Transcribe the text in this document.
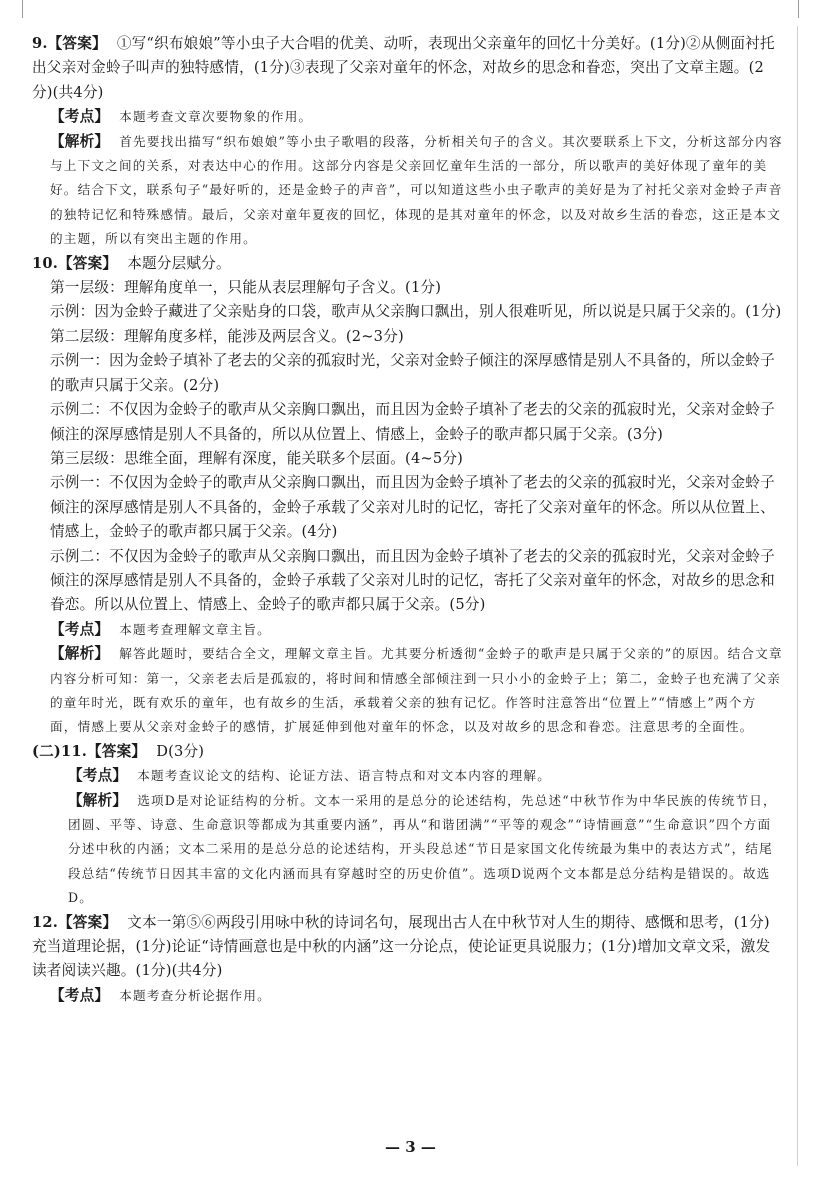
9.【答案】 ①写“织布娘娘”等小虫子大合唱的优美、动听，表现出父亲童年的回忆十分美好。(1分)②从侧面衬托出父亲对金蛉子叫声的独特感情，(1分)③表现了父亲对童年的怀念，对故乡的思念和眷恋，突出了文章主题。(2分)(共4分)
【考点】 本题考查文章次要物象的作用。
【解析】 首先要找出描写“织布娘娘”等小虫子歌唱的段落，分析相关句子的含义。其次要联系上下文，分析这部分内容与上下文之间的关系，对表达中心的作用。这部分内容是父亲回忆童年生活的一部分，所以歌声的美好体现了童年的美好。结合下文，联系句子“最好听的，还是金蛉子的声音”，可以知道这些小虫子歌声的美好是为了衬托父亲对金蛉子声音的独特记忆和特殊感情。最后，父亲对童年夏夜的回忆，体现的是其对童年的怀念，以及对故乡生活的眷恋，这正是本文的主题，所以有突出主题的作用。
10.【答案】 本题分层赋分。
第一层级：理解角度单一，只能从表层理解句子含义。(1分)
示例：因为金蛉子藏进了父亲贴身的口袋，歌声从父亲胸口飘出，别人很难听见，所以说是只属于父亲的。(1分)
第二层级：理解角度多样，能涉及两层含义。(2~3分)
示例一：因为金蛉子填补了老去的父亲的孤寂时光，父亲对金蛉子倾注的深厚感情是别人不具备的，所以金蛉子的歌声只属于父亲。(2分)
示例二：不仅因为金蛉子的歌声从父亲胸口飘出，而且因为金蛉子填补了老去的父亲的孤寂时光，父亲对金蛉子倾注的深厚感情是别人不具备的，所以从位置上、情感上，金蛉子的歌声都只属于父亲。(3分)
第三层级：思维全面，理解有深度，能关联多个层面。(4~5分)
示例一：不仅因为金蛉子的歌声从父亲胸口飘出，而且因为金蛉子填补了老去的父亲的孤寂时光，父亲对金蛉子倾注的深厚感情是别人不具备的，金蛉子承载了父亲对儿时的记忆，寄托了父亲对童年的怀念。所以从位置上、情感上，金蛉子的歌声都只属于父亲。(4分)
示例二：不仅因为金蛉子的歌声从父亲胸口飘出，而且因为金蛉子填补了老去的父亲的孤寂时光，父亲对金蛉子倾注的深厚感情是别人不具备的，金蛉子承载了父亲对儿时的记忆，寄托了父亲对童年的怀念，对故乡的思念和眷恋。所以从位置上、情感上、金蛉子的歌声都只属于父亲。(5分)
【考点】 本题考查理解文章主旨。
【解析】 解答此题时，要结合全文，理解文章主旨。尤其要分析透彻“金蛉子的歌声是只属于父亲的”的原因。结合文章内容分析可知：第一，父亲老去后是孤寂的，将时间和情感全部倾注到一只小小的金蛉子上；第二，金蛉子也充满了父亲的童年时光，既有欢乐的童年，也有故乡的生活，承载着父亲的独有记忆。作答时注意答出“位置上”“情感上”两个方面，情感上要从父亲对金蛉子的感情，扩展延伸到他对童年的怀念，以及对故乡的思念和眷恋。注意思考的全面性。
(二)11.【答案】 D(3分)
【考点】 本题考查议论文的结构、论证方法、语言特点和对文本内容的理解。
【解析】 选项D是对论证结构的分析。文本一采用的是总分的论述结构，先总述“中秋节作为中华民族的传统节日，团圆、平等、诗意、生命意识等都成为其重要内涵”，再从“和谐团满”“平等的观念”“诗情画意”“生命意识”四个方面分述中秋的内涵；文本二采用的是总分总的论述结构，开头段总述“节日是家国文化传统最为集中的表达方式”，结尾段总结“传统节日因其丰富的文化内涵而具有穿越时空的历史价值”。选项D说两个文本都是总分结构是错误的。故选D。
12.【答案】 文本一第⑤⑥两段引用咏中秋的诗词名句，展现出古人在中秋节对人生的期待、感慨和思考，(1分)充当道理论据，(1分)论证“诗情画意也是中秋的内涵”这一分论点，使论证更具说服力；(1分)增加文章文采，激发读者阅读兴趣。(1分)(共4分)
【考点】 本题考查分析论据作用。
— 3 —
